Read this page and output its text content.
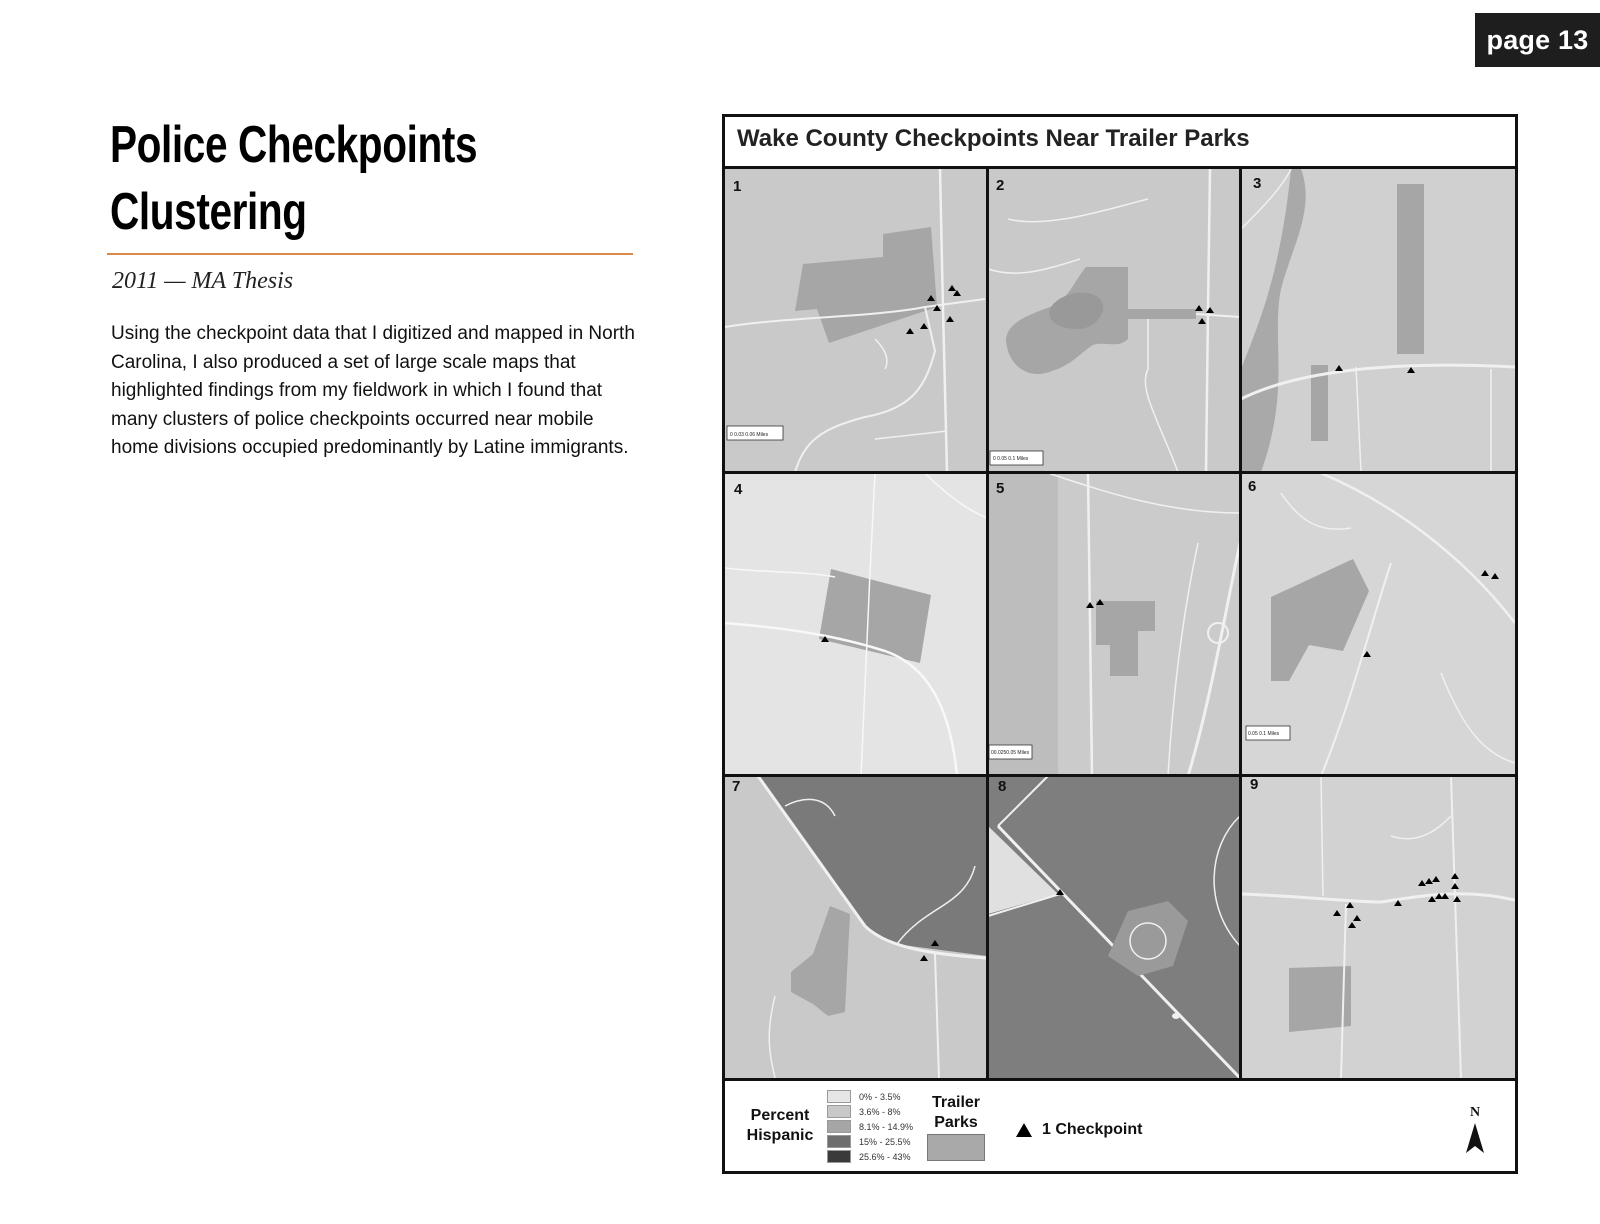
page 13
Police Checkpoints
Clustering
2011 — MA Thesis

Using the checkpoint data that I digitized and mapped in North Carolina, I also produced a set of large scale maps that highlighted findings from my fieldwork in which I found that many clusters of police checkpoints occurred near mobile home divisions occupied predominantly by Latine immigrants.

Wake County Checkpoints Near Trailer Parks
0 0.03 0.06 Miles
0 0.05 0.1 Miles
00.0250.05 Miles
0.05 0.1 Miles
1	2	3
4	5	6
7	8	9
Percent
Hispanic
0% - 3.5%
3.6% - 8%
8.1% - 14.9%
15% - 25.5%
25.6% - 43%
Trailer
Parks	1 Checkpoint
N
